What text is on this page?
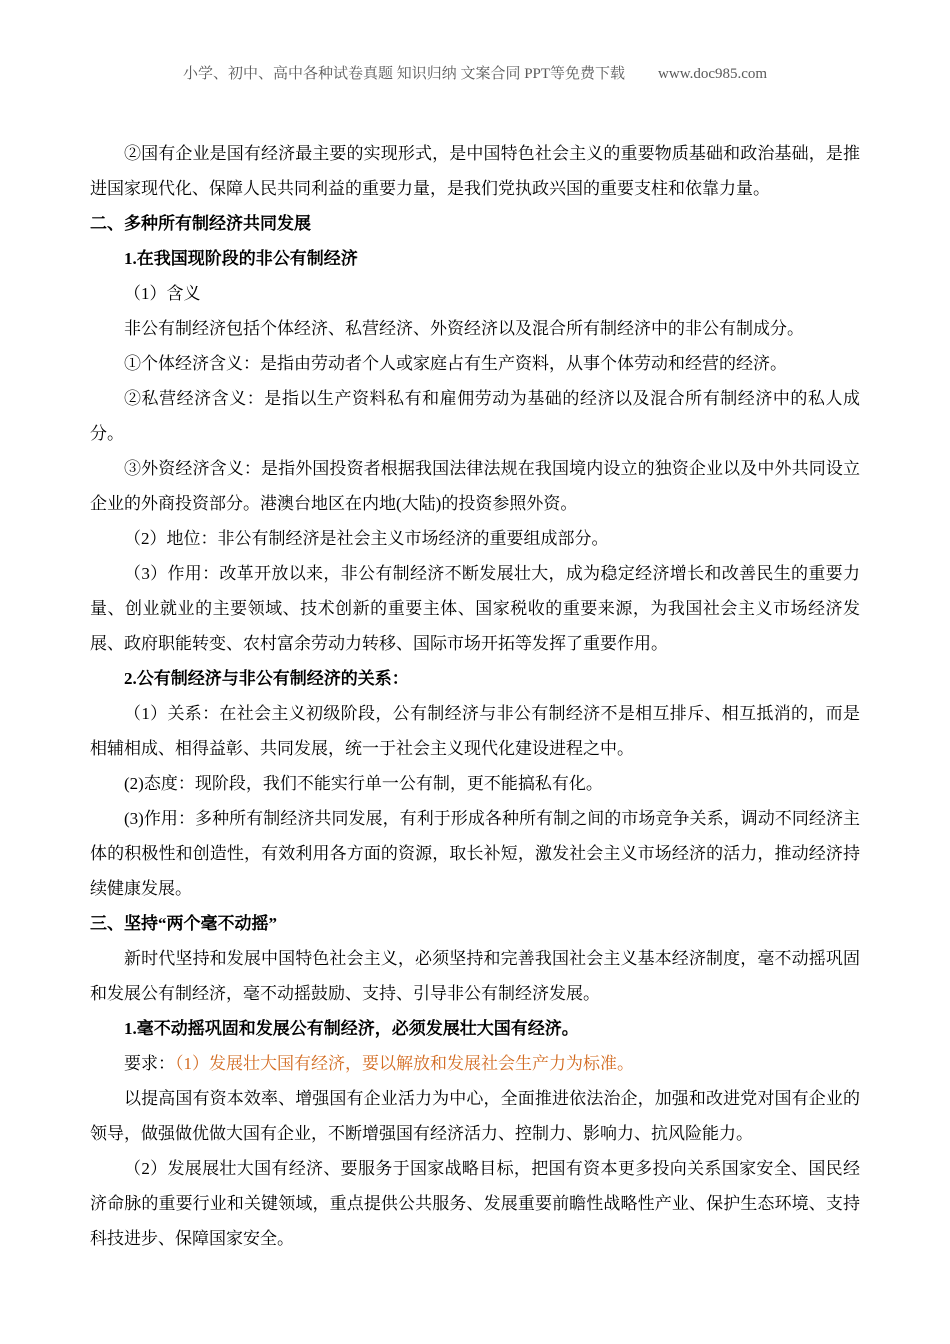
小学、初中、高中各种试卷真题 知识归纳 文案合同 PPT等免费下载 www.doc985.com

②国有企业是国有经济最主要的实现形式，是中国特色社会主义的重要物质基础和政治基础，是推进国家现代化、保障人民共同利益的重要力量，是我们党执政兴国的重要支柱和依靠力量。

二、多种所有制经济共同发展

1.在我国现阶段的非公有制经济

（1）含义

非公有制经济包括个体经济、私营经济、外资经济以及混合所有制经济中的非公有制成分。

①个体经济含义：是指由劳动者个人或家庭占有生产资料，从事个体劳动和经营的经济。

②私营经济含义：是指以生产资料私有和雇佣劳动为基础的经济以及混合所有制经济中的私人成分。

③外资经济含义：是指外国投资者根据我国法律法规在我国境内设立的独资企业以及中外共同设立企业的外商投资部分。港澳台地区在内地(大陆)的投资参照外资。

（2）地位：非公有制经济是社会主义市场经济的重要组成部分。

（3）作用：改革开放以来，非公有制经济不断发展壮大，成为稳定经济增长和改善民生的重要力量、创业就业的主要领域、技术创新的重要主体、国家税收的重要来源，为我国社会主义市场经济发展、政府职能转变、农村富余劳动力转移、国际市场开拓等发挥了重要作用。

2.公有制经济与非公有制经济的关系：

（1）关系：在社会主义初级阶段，公有制经济与非公有制经济不是相互排斥、相互抵消的，而是相辅相成、相得益彰、共同发展，统一于社会主义现代化建设进程之中。

(2)态度：现阶段，我们不能实行单一公有制，更不能搞私有化。

(3)作用：多种所有制经济共同发展，有利于形成各种所有制之间的市场竞争关系，调动不同经济主体的积极性和创造性，有效利用各方面的资源，取长补短，激发社会主义市场经济的活力，推动经济持续健康发展。

三、坚持“两个毫不动摇”

新时代坚持和发展中国特色社会主义，必须坚持和完善我国社会主义基本经济制度，毫不动摇巩固和发展公有制经济，毫不动摇鼓励、支持、引导非公有制经济发展。

1.毫不动摇巩固和发展公有制经济，必须发展壮大国有经济。

要求：（1）发展壮大国有经济，要以解放和发展社会生产力为标准。

以提高国有资本效率、增强国有企业活力为中心，全面推进依法治企，加强和改进党对国有企业的领导，做强做优做大国有企业，不断增强国有经济活力、控制力、影响力、抗风险能力。

（2）发展展壮大国有经济、要服务于国家战略目标，把国有资本更多投向关系国家安全、国民经济命脉的重要行业和关键领域，重点提供公共服务、发展重要前瞻性战略性产业、保护生态环境、支持科技进步、保障国家安全。
